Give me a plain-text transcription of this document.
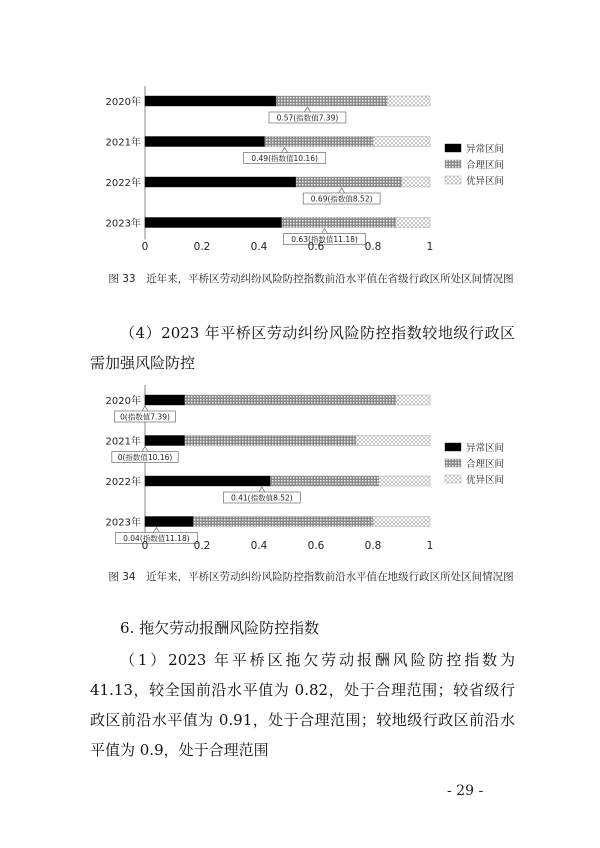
2020年
0.57(指数值7.39)
2021年
0.49(指数值10.16)
2022年
0.69(指数值8.52)
2023年
0.63(指数值11.18)
0	0.2	0.4	0.6	0.8	1
异常区间
合理区间
优异区间
图 33　近年来，平桥区劳动纠纷风险防控指数前沿水平值在省级行政区所处区间情况图
（4）2023 年平桥区劳动纠纷风险防控指数较地级行政区需加强风险防控
2020年
0(指数值7.39)
2021年
0(指数值10.16)
2022年
0.41(指数值8.52)
2023年
0.04(指数值11.18)
0	0.2	0.4	0.6	0.8	1
异常区间
合理区间
优异区间
图 34　近年来，平桥区劳动纠纷风险防控指数前沿水平值在地级行政区所处区间情况图
6. 拖欠劳动报酬风险防控指数
（1）2023 年平桥区拖欠劳动报酬风险防控指数为 41.13，较全国前沿水平值为 0.82，处于合理范围；较省级行政区前沿水平值为 0.91，处于合理范围；较地级行政区前沿水平值为 0.9，处于合理范围
- 29 -
